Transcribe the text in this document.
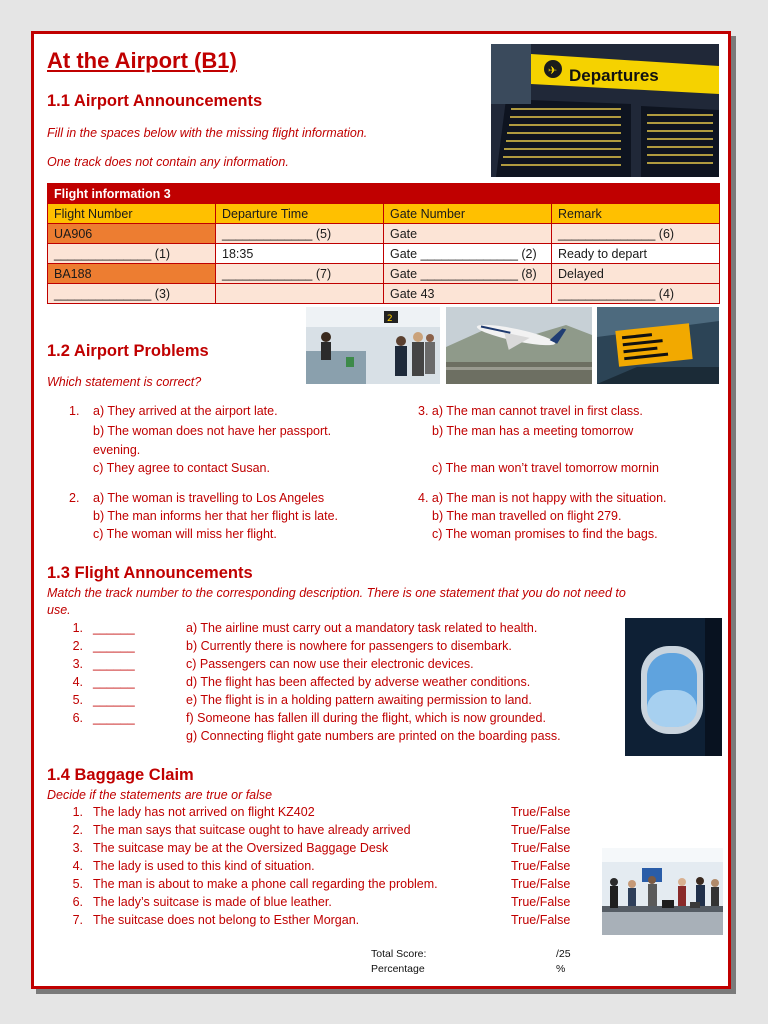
At the Airport (B1)
1.1 Airport Announcements
Fill in the spaces below with the missing flight information.
One track does not contain any information.
✈ Departures
Flight information 3			
Flight Number	Departure Time	Gate Number	Remark
UA906	_____________ (5)	Gate	______________ (6)
______________ (1)	18:35	Gate ______________ (2)	Ready to depart
BA188	_____________ (7)	Gate ______________ (8)	Delayed
______________ (3)		Gate 43	______________ (4)
2
1.2 Airport Problems
Which statement is correct?
1. a) They arrived at the airport late.
b) The woman does not have her passport.
evening.
c) They agree to contact Susan.
2. a) The woman is travelling to Los Angeles
b) The man informs her that her flight is late.
c) The woman will miss her flight.
3. a) The man cannot travel in first class.
b) The man has a meeting tomorrow
c) The man won’t travel tomorrow mornin
4. a) The man is not happy with the situation.
b) The man travelled on flight 279.
c) The woman promises to find the bags.
1.3 Flight Announcements
Match the track number to the corresponding description. There is one statement that you do not need to
use.
1. ______
2. ______
3. ______
4. ______
5. ______
6. ______
a) The airline must carry out a mandatory task related to health.
b) Currently there is nowhere for passengers to disembark.
c) Passengers can now use their electronic devices.
d) The flight has been affected by adverse weather conditions.
e) The flight is in a holding pattern awaiting permission to land.
f) Someone has fallen ill during the flight, which is now grounded.
g) Connecting flight gate numbers are printed on the boarding pass.
1.4 Baggage Claim
Decide if the statements are true or false
1. The lady has not arrived on flight KZ402	True/False
2. The man says that suitcase ought to have already arrived	True/False
3. The suitcase may be at the Oversized Baggage Desk	True/False
4. The lady is used to this kind of situation.	True/False
5. The man is about to make a phone call regarding the problem.	True/False
6. The lady’s suitcase is made of blue leather.	True/False
7. The suitcase does not belong to Esther Morgan.	True/False
Total Score:	/25
Percentage	%
